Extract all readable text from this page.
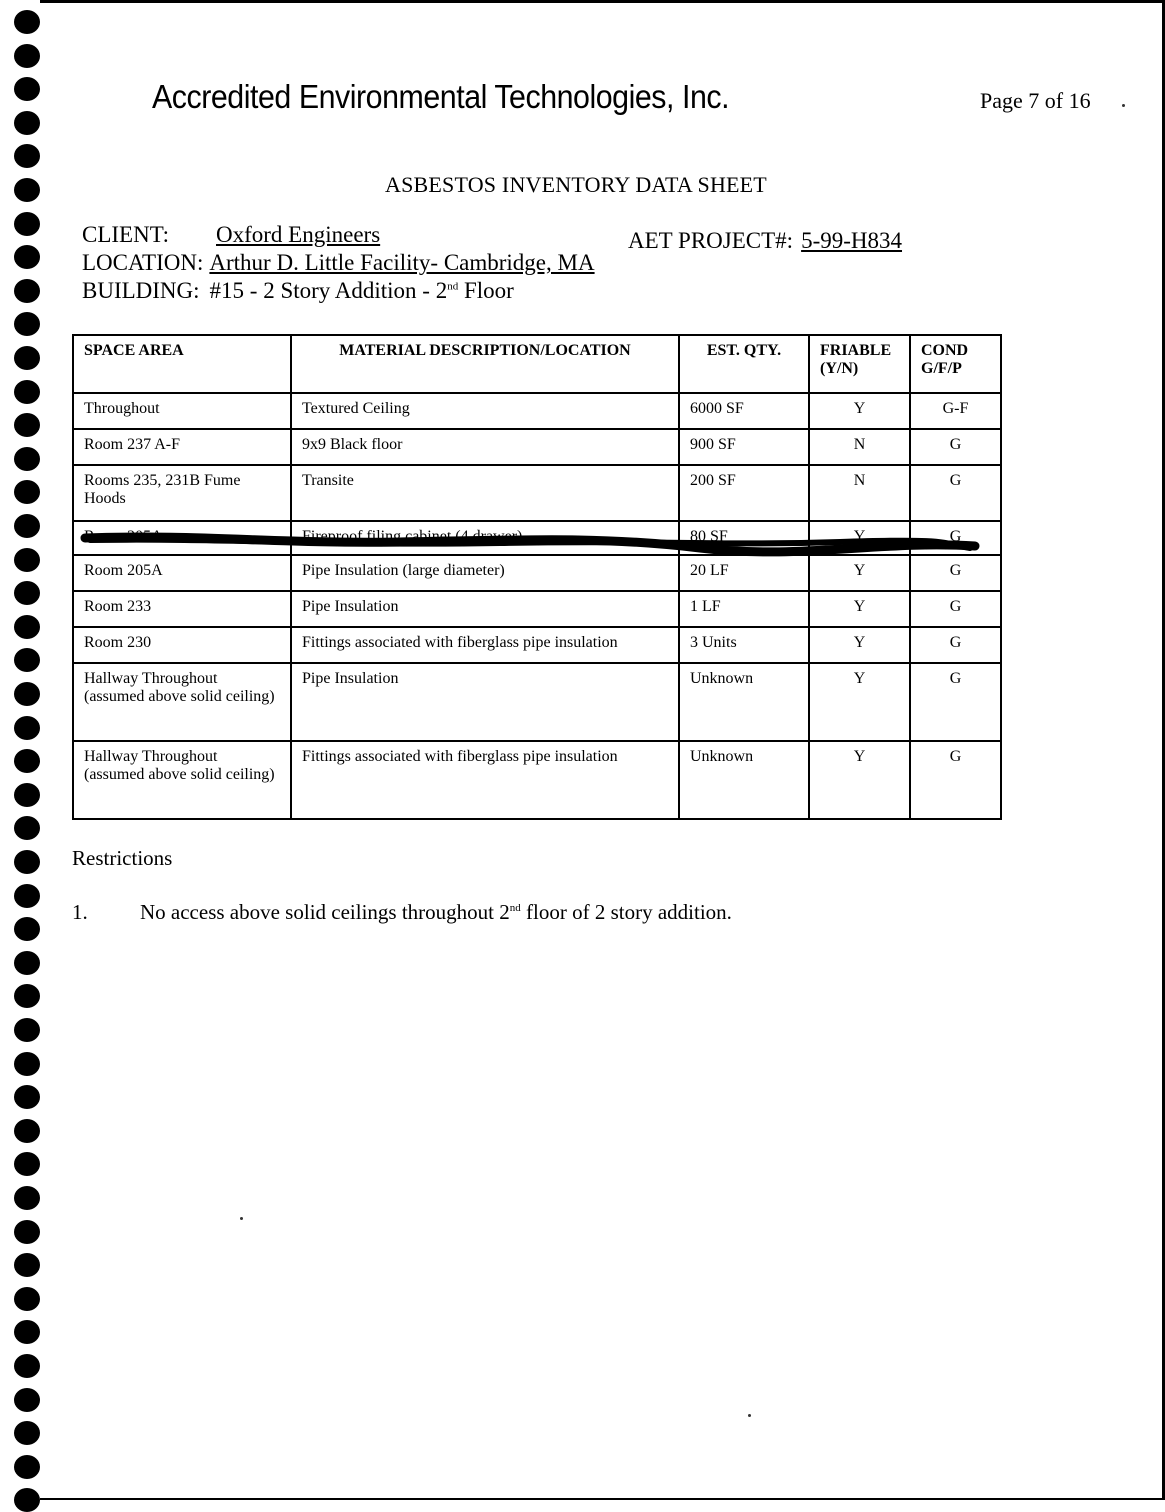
Accredited Environmental Technologies, Inc.	Page 7 of 16
ASBESTOS INVENTORY DATA SHEET
CLIENT: Oxford Engineers	AET PROJECT#: 5-99-H834
LOCATION: Arthur D. Little Facility- Cambridge, MA
BUILDING: #15 - 2 Story Addition - 2nd Floor
SPACE AREA	MATERIAL DESCRIPTION/LOCATION	EST. QTY.	FRIABLE (Y/N)	COND G/F/P
Throughout	Textured Ceiling	6000 SF	Y	G-F
Room 237 A-F	9x9 Black floor	900 SF	N	G
Rooms 235, 231B Fume Hoods	Transite	200 SF	N	G
Room 205A	Fireproof filing cabinet (4 drawer)	80 SF	Y	G
Room 205A	Pipe Insulation (large diameter)	20 LF	Y	G
Room 233	Pipe Insulation	1 LF	Y	G
Room 230	Fittings associated with fiberglass pipe insulation	3 Units	Y	G
Hallway Throughout (assumed above solid ceiling)	Pipe Insulation	Unknown	Y	G
Hallway Throughout (assumed above solid ceiling)	Fittings associated with fiberglass pipe insulation	Unknown	Y	G
Restrictions
1. No access above solid ceilings throughout 2nd floor of 2 story addition.
